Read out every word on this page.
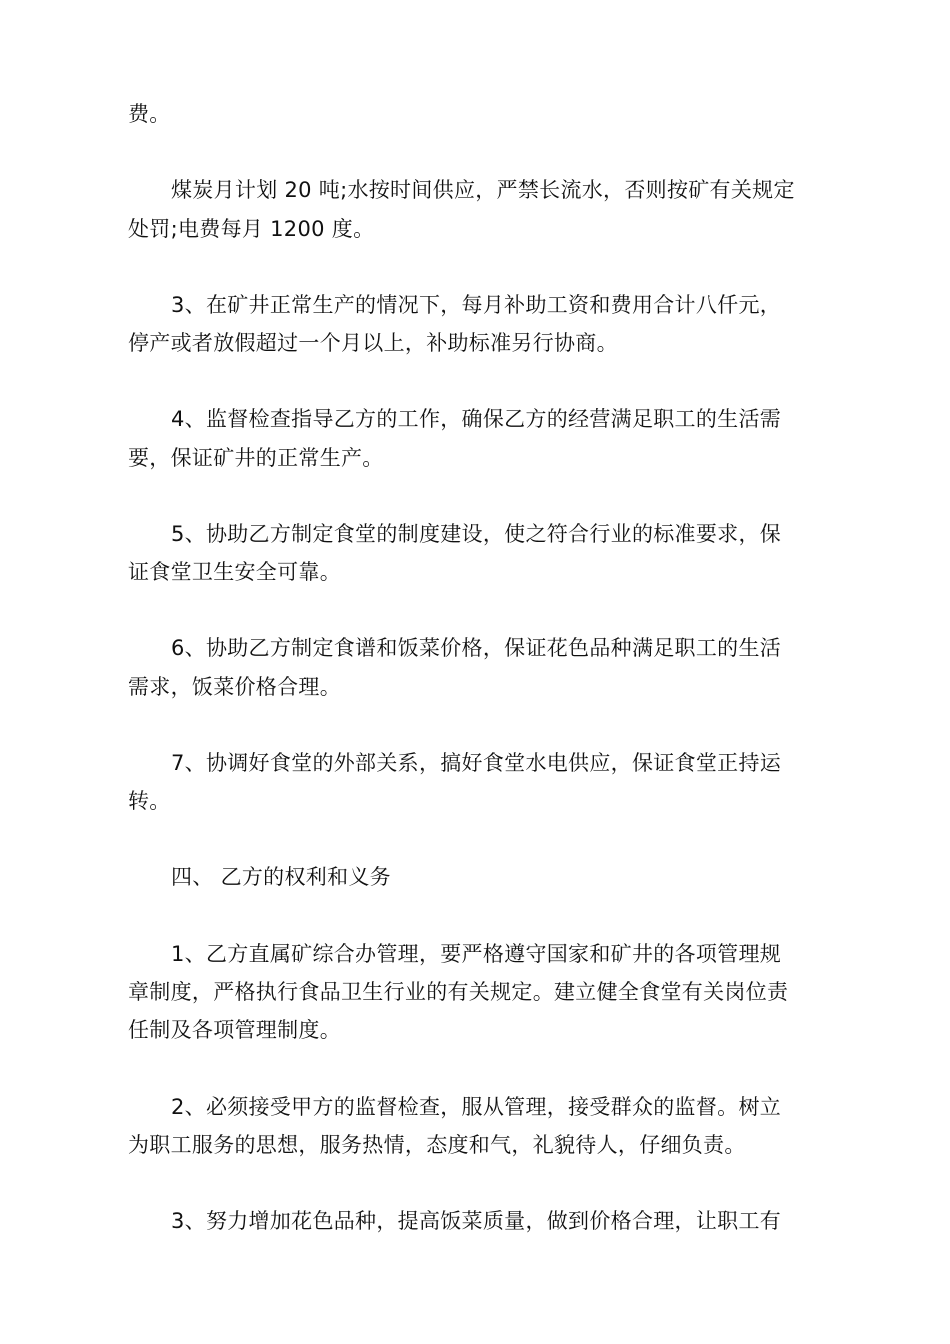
费。
煤炭月计划 20 吨;水按时间供应，严禁长流水，否则按矿有关规定
处罚;电费每月 1200 度。
3、在矿井正常生产的情况下，每月补助工资和费用合计八仟元，
停产或者放假超过一个月以上，补助标准另行协商。
4、监督检查指导乙方的工作，确保乙方的经营满足职工的生活需
要，保证矿井的正常生产。
5、协助乙方制定食堂的制度建设，使之符合行业的标准要求，保
证食堂卫生安全可靠。
6、协助乙方制定食谱和饭菜价格，保证花色品种满足职工的生活
需求，饭菜价格合理。
7、协调好食堂的外部关系，搞好食堂水电供应，保证食堂正持运
转。
四、 乙方的权利和义务
1、乙方直属矿综合办管理，要严格遵守国家和矿井的各项管理规
章制度，严格执行食品卫生行业的有关规定。建立健全食堂有关岗位责
任制及各项管理制度。
2、必须接受甲方的监督检查，服从管理，接受群众的监督。树立
为职工服务的思想，服务热情，态度和气，礼貌待人，仔细负责。
3、努力增加花色品种，提高饭菜质量，做到价格合理，让职工有
